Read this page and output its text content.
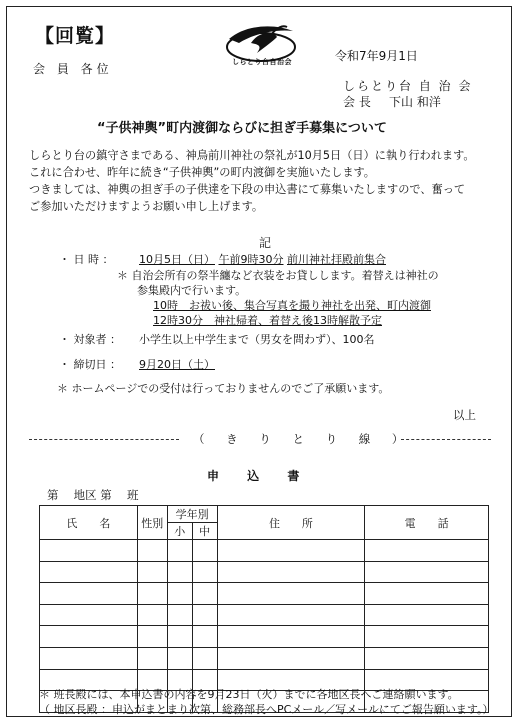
【回覧】
しらとり台自治会	令和7年9月1日
会 員 各位
しらとり台 自 治 会
会 長 下山 和洋
“子供神輿”町内渡御ならびに担ぎ手募集について
しらとり台の鎮守さまである、神鳥前川神社の祭礼が10月5日（日）に執り行われます。
これに合わせ、昨年に続き“子供神輿”の町内渡御を実施いたします。
つきましては、神輿の担ぎ手の子供達を下段の申込書にて募集いたしますので、奮って
ご参加いただけますようお願い申し上げます。
記
・ 日 時 ： 10月5日（日） 午前9時30分 前川神社拝殿前集合
＊ 自治会所有の祭半纏など衣装をお貸しします。着替えは神社の
参集殿内で行います。
10時　お祓い後、集合写真を撮り神社を出発、町内渡御
12時30分　神社帰着、着替え後13時解散予定
・ 対象者 ： 小学生以上中学生まで（男女を問わず）、100名
・ 締切日 ： 9月20日（土）
＊ ホームページでの受付は行っておりませんのでご了承願います。
以上
（ き り と り 線 ）
申 込 書
第　 地区 第　 班
氏　　名	性別	学年別		住　　所	電　　話
		小	中		

＊ 班長殿には、本申込書の内容を9月23日（火）までに各地区長へご連絡願います。
（ 地区長殿 ：申込がまとまり次第、総務部長へPCメール／写メールにてご報告願います。）
